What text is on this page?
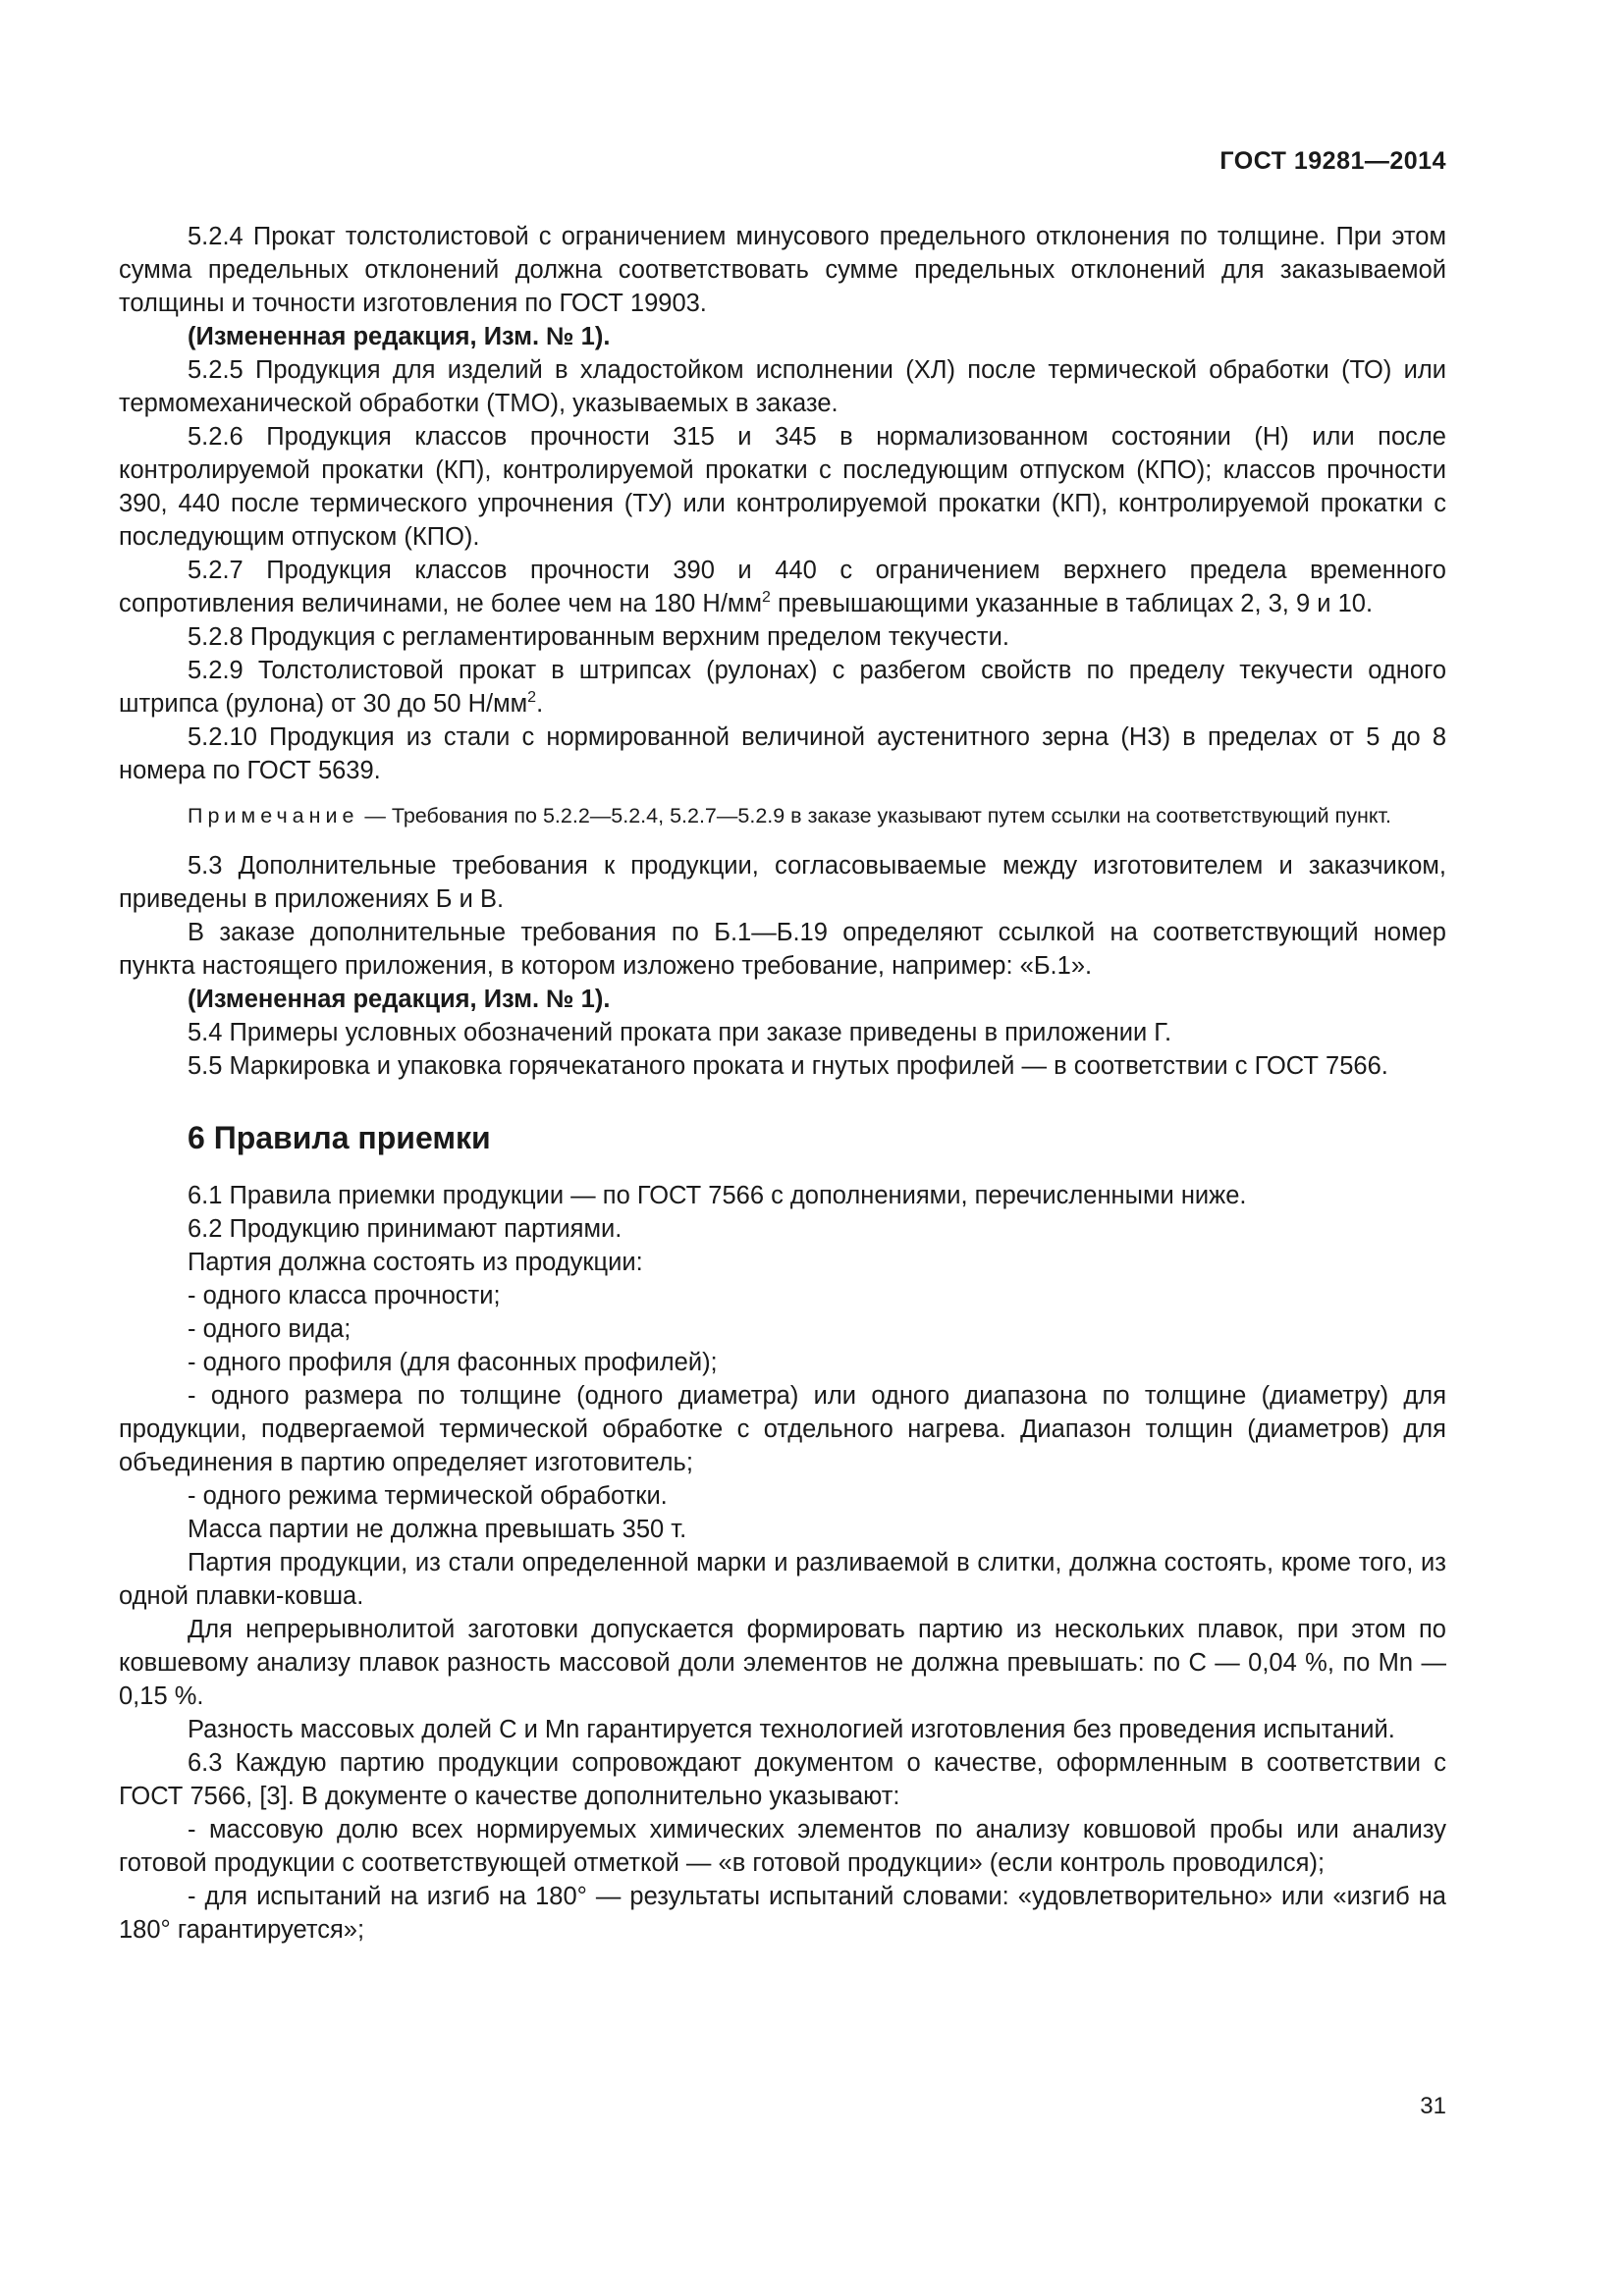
ГОСТ 19281—2014

5.2.4 Прокат толстолистовой с ограничением минусового предельного отклонения по толщине. При этом сумма предельных отклонений должна соответствовать сумме предельных отклонений для заказываемой толщины и точности изготовления по ГОСТ 19903.

(Измененная редакция, Изм. № 1).

5.2.5 Продукция для изделий в хладостойком исполнении (ХЛ) после термической обработки (ТО) или термомеханической обработки (ТМО), указываемых в заказе.

5.2.6 Продукция классов прочности 315 и 345 в нормализованном состоянии (Н) или после контролируемой прокатки (КП), контролируемой прокатки с последующим отпуском (КПО); классов прочности 390, 440 после термического упрочнения (ТУ) или контролируемой прокатки (КП), контролируемой прокатки с последующим отпуском (КПО).

5.2.7 Продукция классов прочности 390 и 440 с ограничением верхнего предела временного сопротивления величинами, не более чем на 180 $Н/мм^2$ превышающими указанные в таблицах 2, 3, 9 и 10.

5.2.8 Продукция с регламентированным верхним пределом текучести.

5.2.9 Толстолистовой прокат в штрипсах (рулонах) с разбегом свойств по пределу текучести одного штрипса (рулона) от 30 до 50 $Н/мм^2$.

5.2.10 Продукция из стали с нормированной величиной аустенитного зерна (НЗ) в пределах от 5 до 8 номера по ГОСТ 5639.

Примечание — Требования по 5.2.2—5.2.4, 5.2.7—5.2.9 в заказе указывают путем ссылки на соответствующий пункт.

5.3 Дополнительные требования к продукции, согласовываемые между изготовителем и заказчиком, приведены в приложениях Б и В.

В заказе дополнительные требования по Б.1—Б.19 определяют ссылкой на соответствующий номер пункта настоящего приложения, в котором изложено требование, например: «Б.1».

(Измененная редакция, Изм. № 1).

5.4 Примеры условных обозначений проката при заказе приведены в приложении Г.

5.5 Маркировка и упаковка горячекатаного проката и гнутых профилей — в соответствии с ГОСТ 7566.

6 Правила приемки

6.1 Правила приемки продукции — по ГОСТ 7566 с дополнениями, перечисленными ниже.

6.2 Продукцию принимают партиями.

Партия должна состоять из продукции:

- одного класса прочности;

- одного вида;

- одного профиля (для фасонных профилей);

- одного размера по толщине (одного диаметра) или одного диапазона по толщине (диаметру) для продукции, подвергаемой термической обработке с отдельного нагрева. Диапазон толщин (диаметров) для объединения в партию определяет изготовитель;

- одного режима термической обработки.

Масса партии не должна превышать 350 т.

Партия продукции, из стали определенной марки и разливаемой в слитки, должна состоять, кроме того, из одной плавки-ковша.

Для непрерывнолитой заготовки допускается формировать партию из нескольких плавок, при этом по ковшевому анализу плавок разность массовой доли элементов не должна превышать: по С — 0,04 %, по Mn — 0,15 %.

Разность массовых долей С и Mn гарантируется технологией изготовления без проведения испытаний.

6.3 Каждую партию продукции сопровождают документом о качестве, оформленным в соответствии с ГОСТ 7566, [3]. В документе о качестве дополнительно указывают:

- массовую долю всех нормируемых химических элементов по анализу ковшовой пробы или анализу готовой продукции с соответствующей отметкой — «в готовой продукции» (если контроль проводился);

- для испытаний на изгиб на 180° — результаты испытаний словами: «удовлетворительно» или «изгиб на 180° гарантируется»;

31
